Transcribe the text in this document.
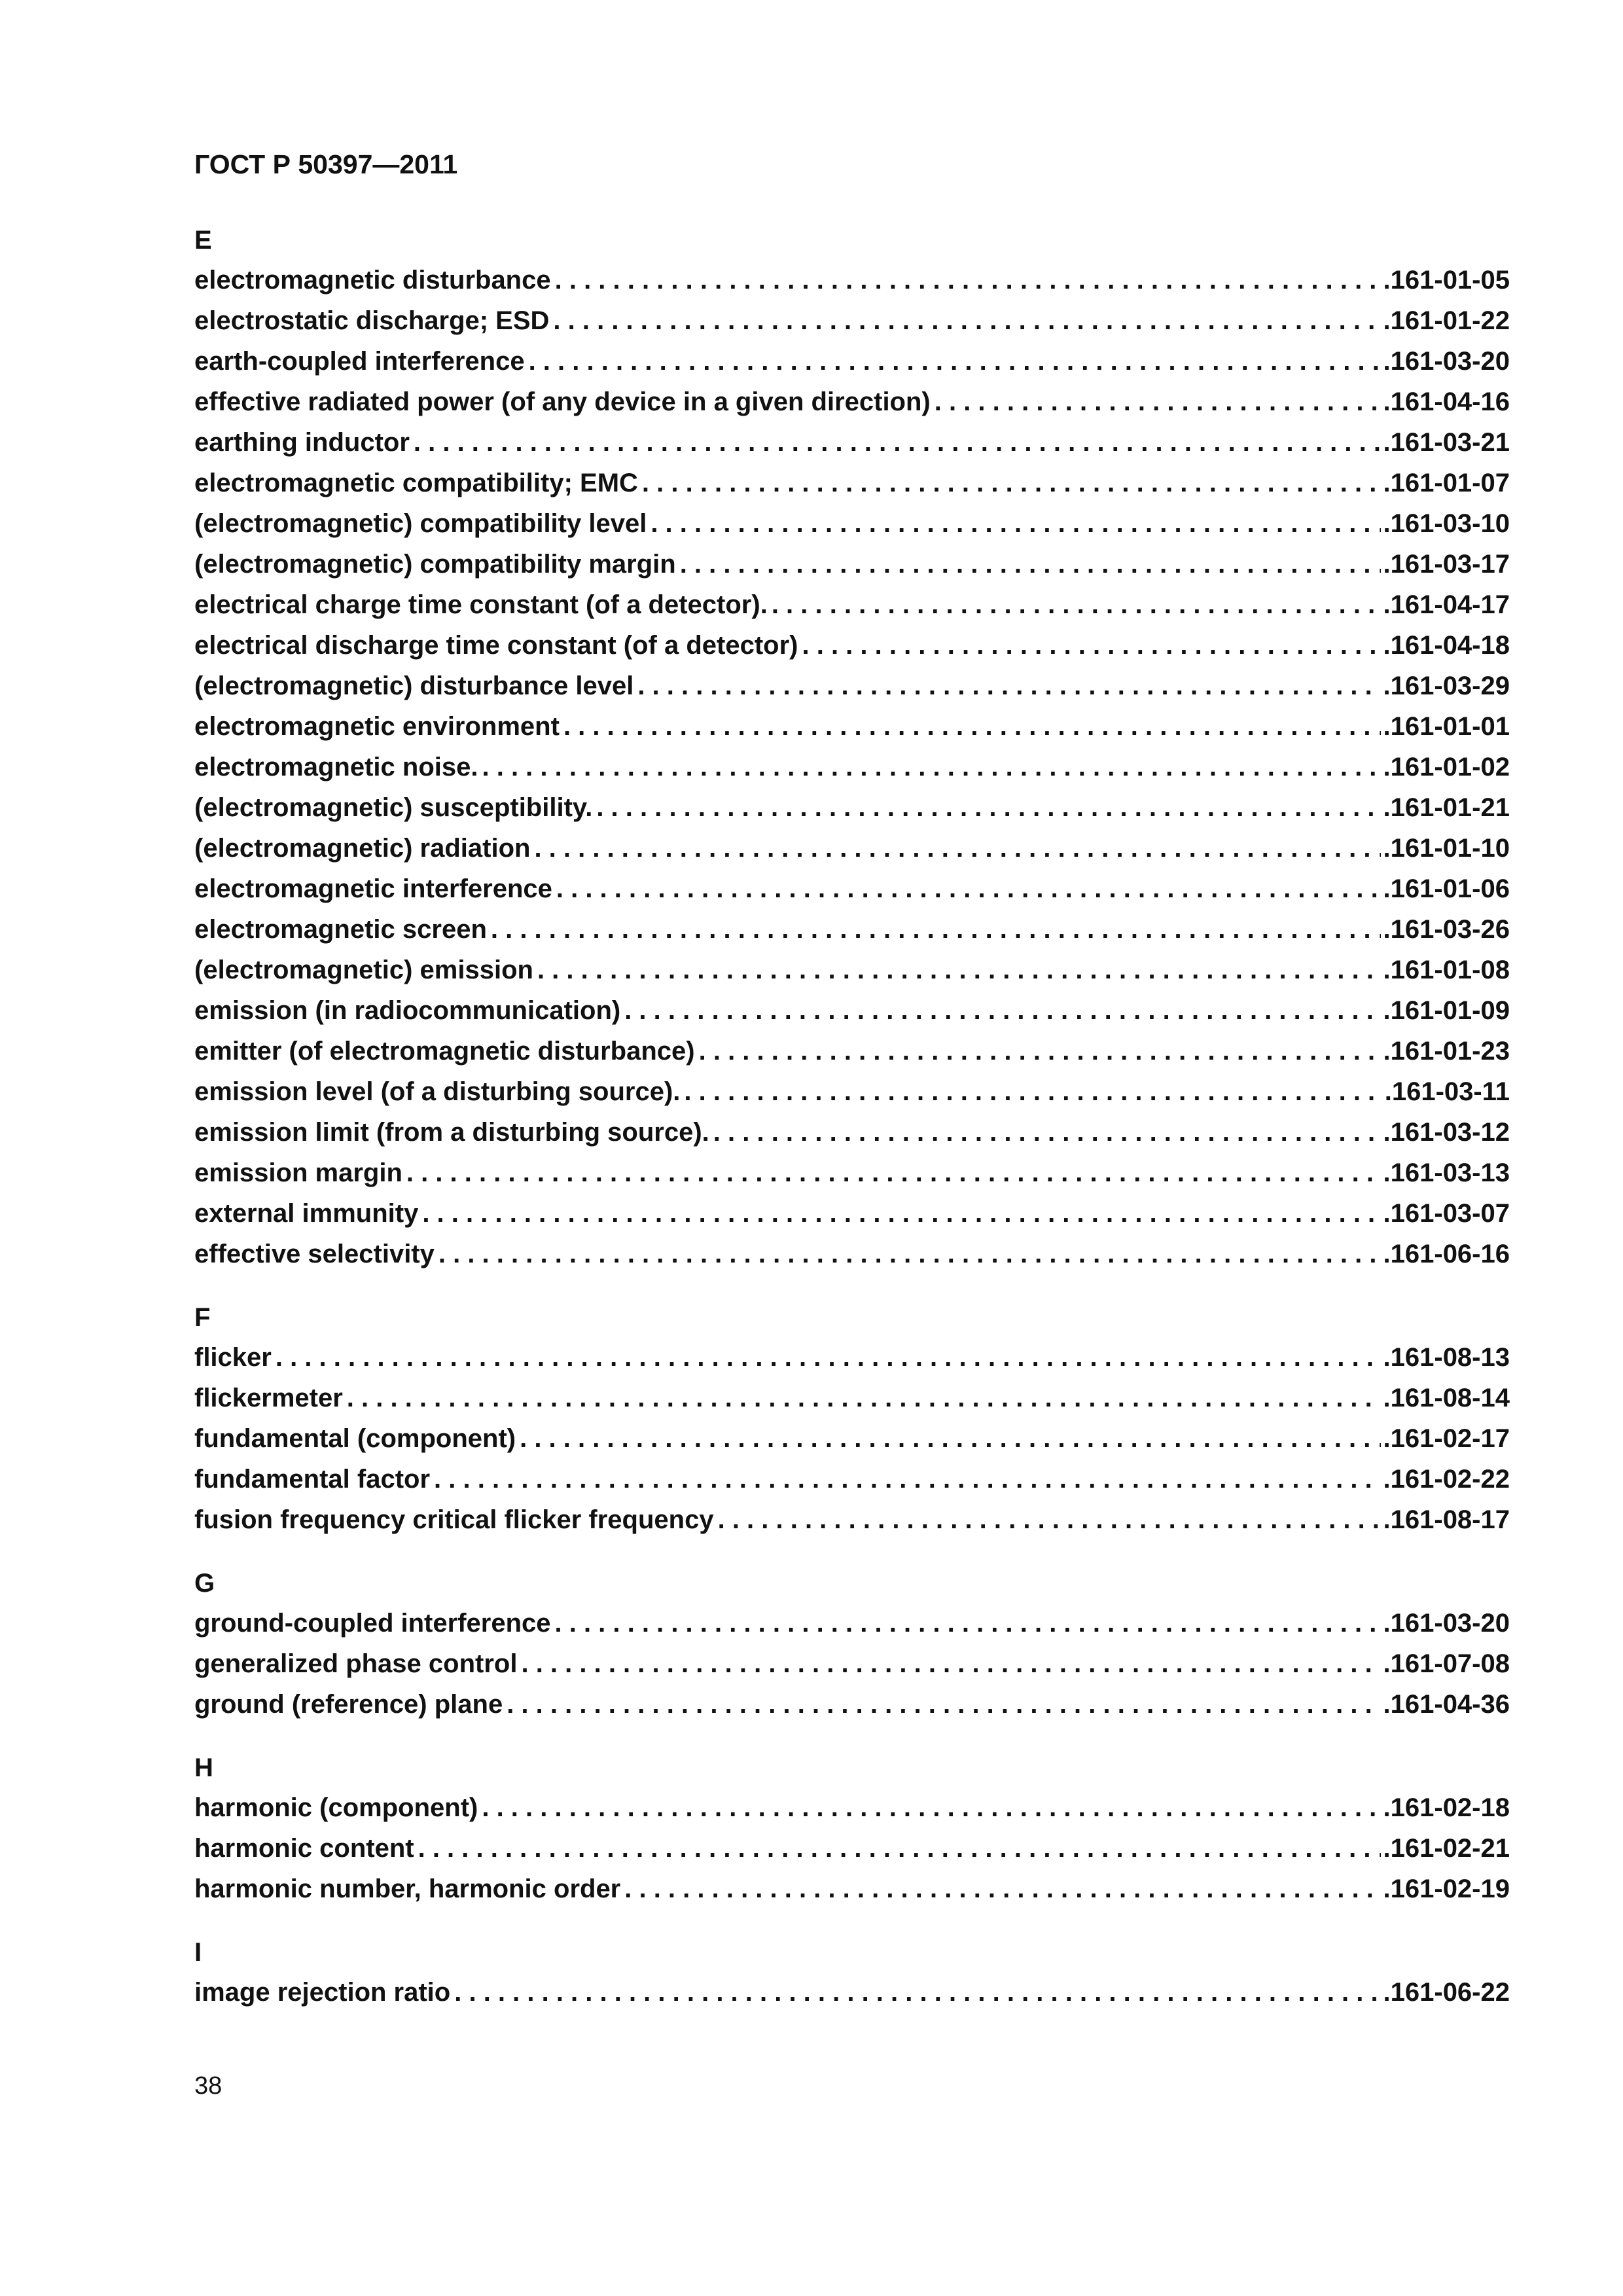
ГОСТ Р 50397—2011
E
electromagnetic disturbance . . .	.161-01-05
electrostatic discharge; ESD . . .	.161-01-22
earth-coupled interference . . .	.161-03-20
effective radiated power (of any device in a given direction) . . .	.161-04-16
earthing inductor . . .	.161-03-21
electromagnetic compatibility; EMC . . .	.161-01-07
(electromagnetic) compatibility level . . .	.161-03-10
(electromagnetic) compatibility margin . . .	.161-03-17
electrical charge time constant (of a detector). . . .	.161-04-17
electrical discharge time constant (of a detector) . . .	.161-04-18
(electromagnetic) disturbance level . . .	.161-03-29
electromagnetic environment . . .	.161-01-01
electromagnetic noise. . . .	.161-01-02
(electromagnetic) susceptibility. . . .	.161-01-21
(electromagnetic) radiation . . .	.161-01-10
electromagnetic interference . . .	.161-01-06
electromagnetic screen . . .	.161-03-26
(electromagnetic) emission . . .	.161-01-08
emission (in radiocommunication) . . .	.161-01-09
emitter (of electromagnetic disturbance) . . .	.161-01-23
emission level (of a disturbing source). . . .	.161-03-11
emission limit (from a disturbing source). . . .	.161-03-12
emission margin . . .	.161-03-13
external immunity . . .	.161-03-07
effective selectivity . . .	.161-06-16
F
flicker . . .	.161-08-13
flickermeter . . .	.161-08-14
fundamental (component) . . .	.161-02-17
fundamental factor . . .	.161-02-22
fusion frequency critical flicker frequency . . .	.161-08-17
G
ground-coupled interference . . .	.161-03-20
generalized phase control . . .	.161-07-08
ground (reference) plane . . .	.161-04-36
H
harmonic (component) . . .	.161-02-18
harmonic content . . .	.161-02-21
harmonic number, harmonic order . . .	.161-02-19
I
image rejection ratio . . .	.161-06-22
38
